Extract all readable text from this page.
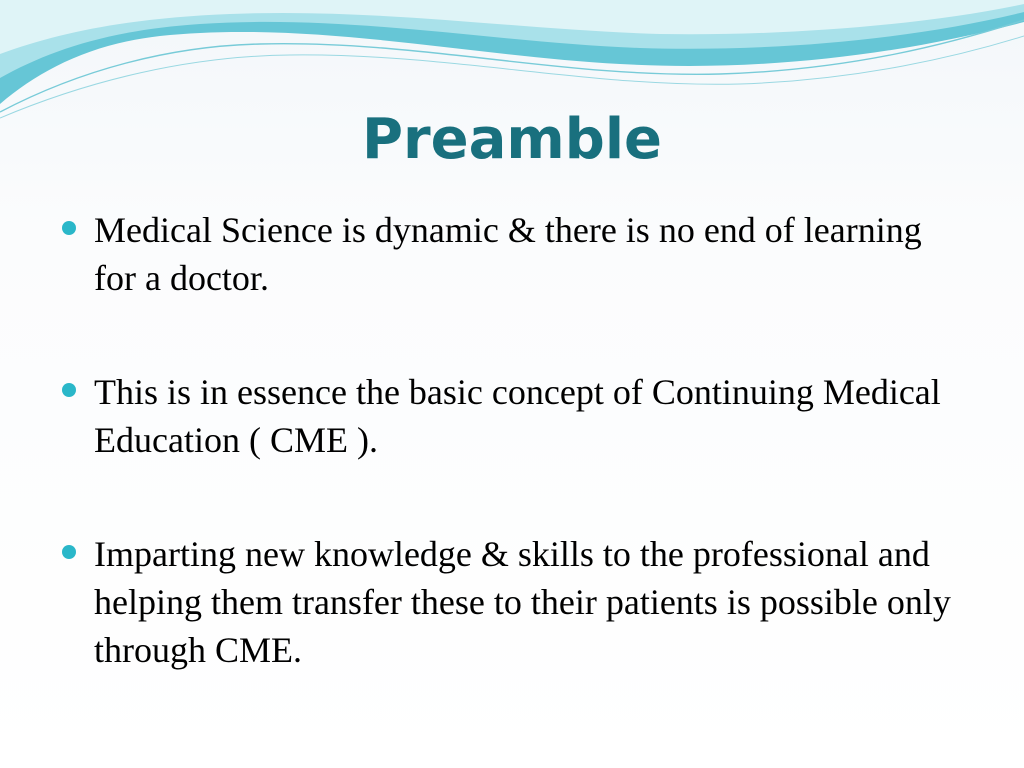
Preamble
Medical Science is dynamic & there is no end of learning for a doctor.
This is in essence the basic concept of Continuing Medical Education ( CME ).
Imparting new knowledge & skills to the professional and helping them transfer these to their patients is possible only through CME.
